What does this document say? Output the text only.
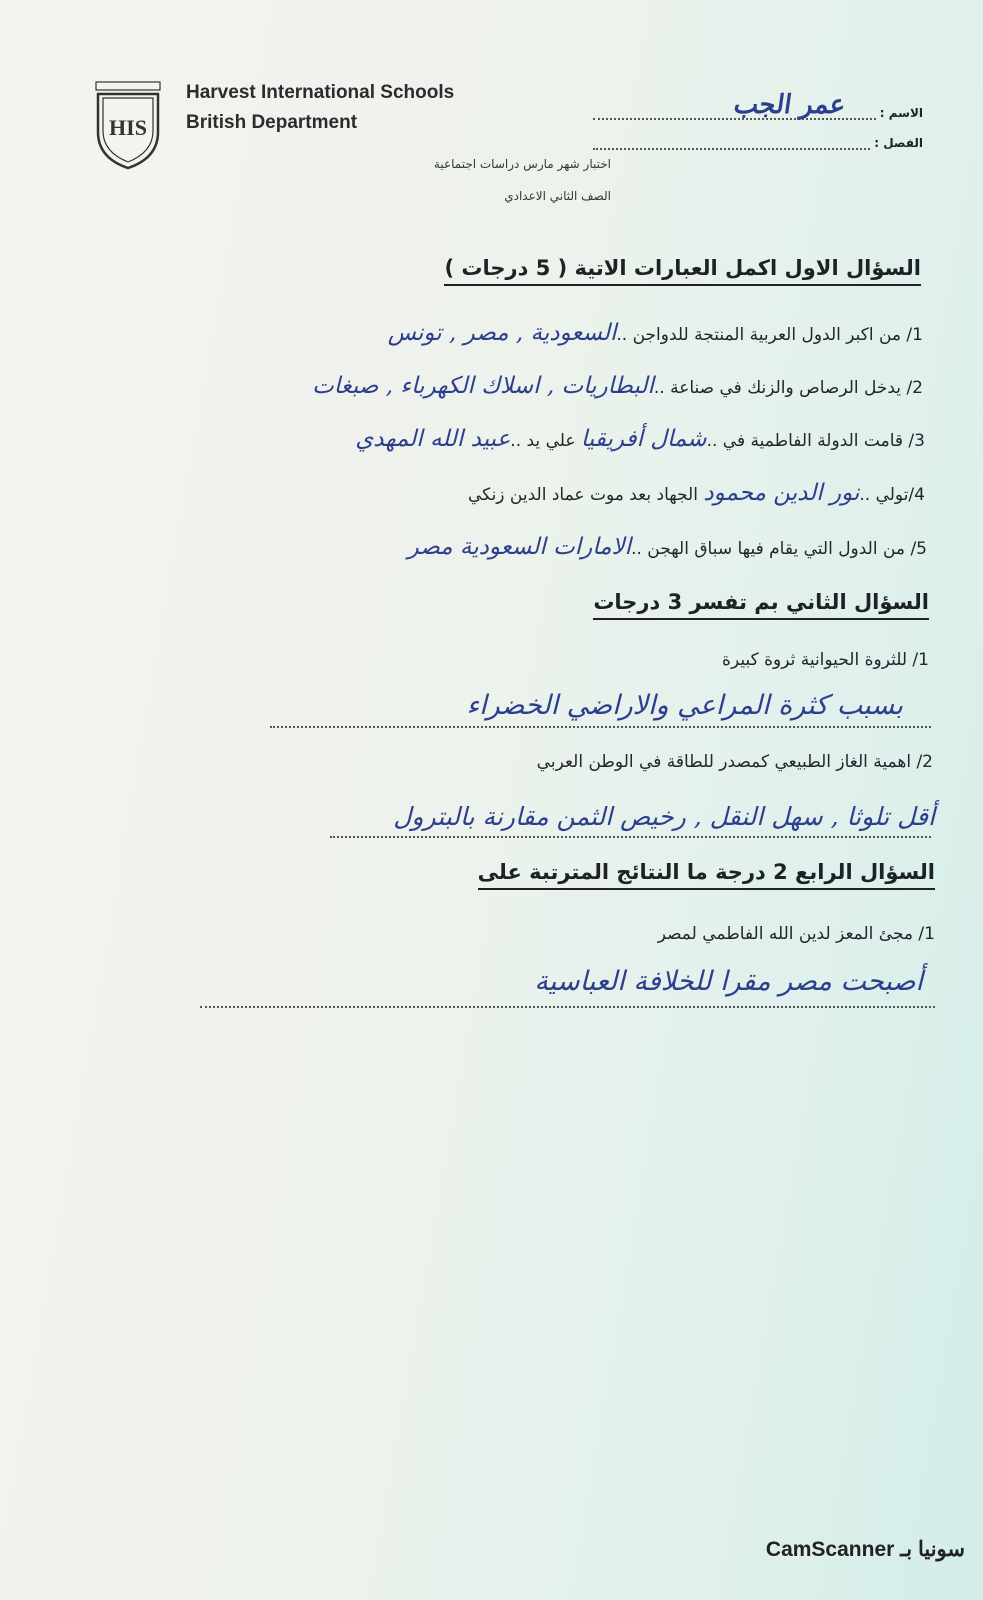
HIS
Harvest International Schools
British Department
اختبار شهر مارس دراسات اجتماعية
الصف الثاني الاعدادي
الاسم :
عمر الجب
الفصل :
السؤال الاول اكمل العبارات الاتية ( 5 درجات )
1/ من اكبر الدول العربية المنتجة للدواجن ..السعودية , مصر , تونس
2/ يدخل الرصاص والزنك في صناعة ..البطاريات , اسلاك الكهرباء , صبغات
3/ قامت الدولة الفاطمية في ..شمال أفريقيا علي يد ..عبيد الله المهدي
4/تولي ..نور الدين محمود الجهاد بعد موت عماد الدين زنكي
5/ من الدول التي يقام فيها سباق الهجن ..الامارات السعودية مصر
السؤال الثاني بم تفسر 3 درجات
1/ للثروة الحيوانية ثروة كبيرة
بسبب كثرة المراعي والاراضي الخضراء
2/ اهمية الغاز الطبيعي كمصدر للطاقة في الوطن العربي
أقل تلوثا , سهل النقل , رخيص الثمن مقارنة بالبترول
السؤال الرابع 2 درجة ما النتائج المترتبة على
1/ مجئ المعز لدين الله الفاطمي لمصر
أصبحت مصر مقرا للخلافة العباسية
سونيا بـ CamScanner
